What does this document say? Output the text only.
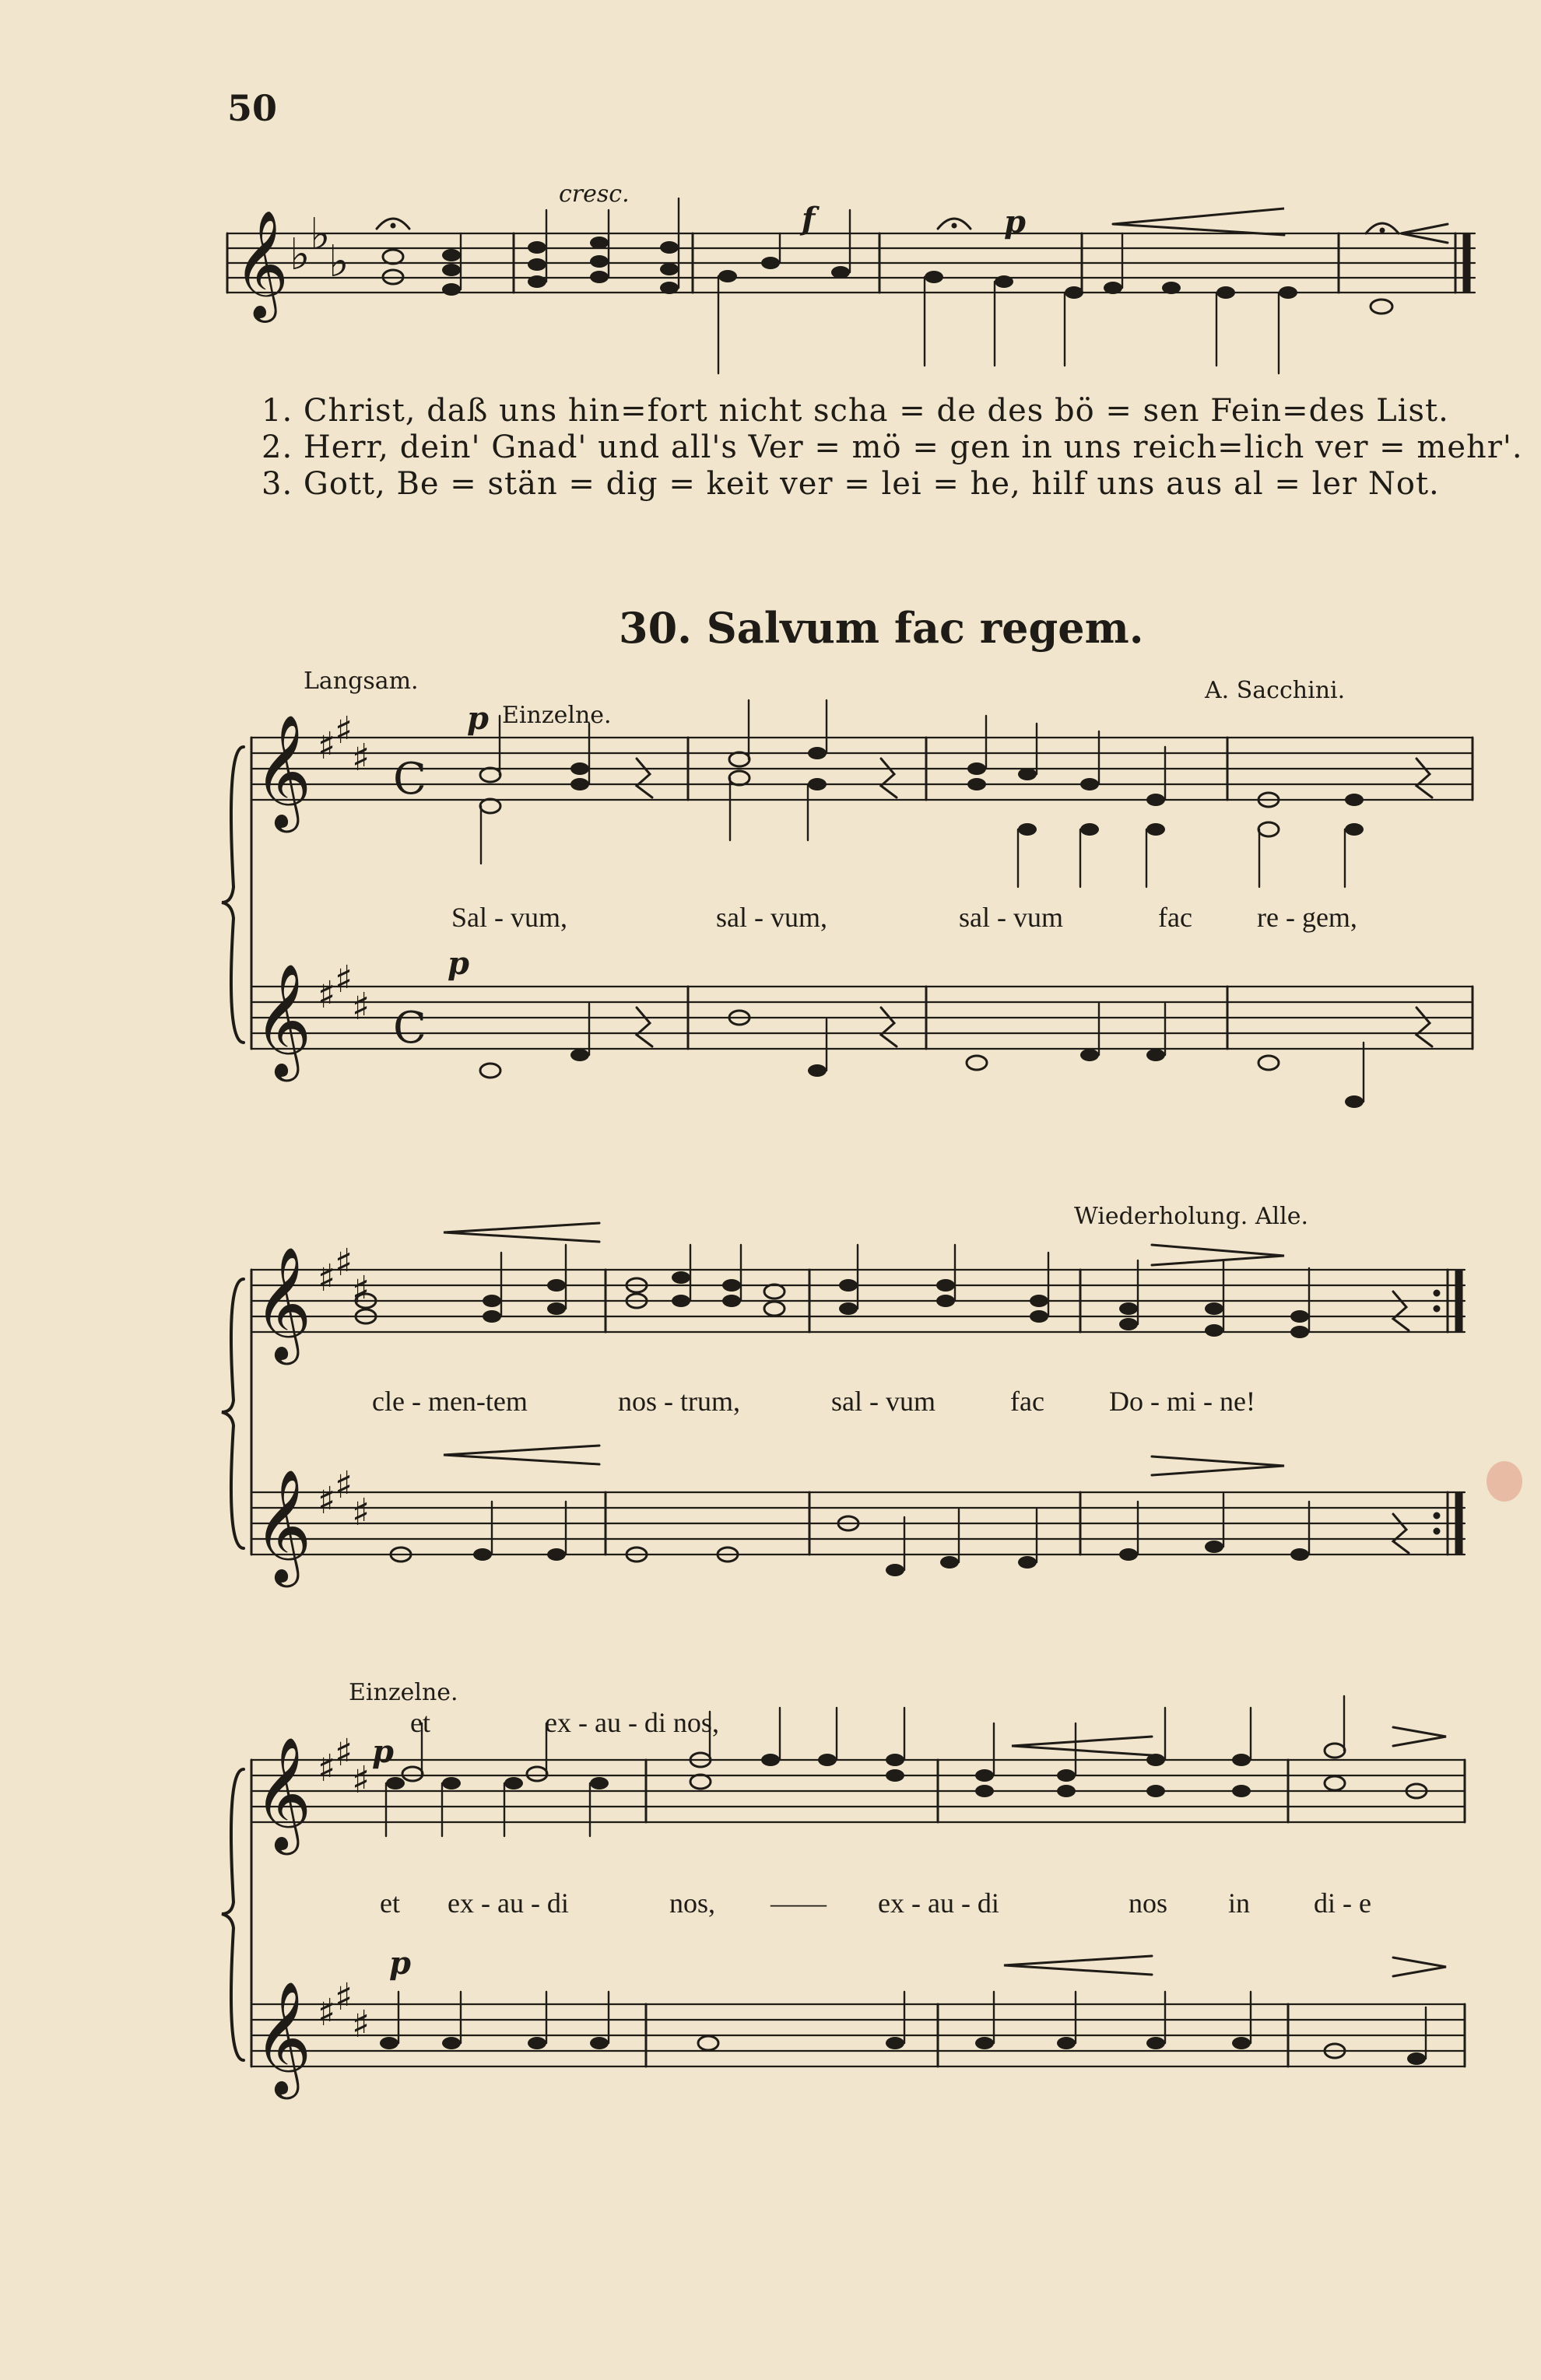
50
cresc.
f	p
𝄞 ♭ ♭
♭
𝄞
𝄞
♯
♯
♯
♯
♯
♯
C
C
𝄞
𝄞
♯
♯
♯
♯
♯
♯
𝄞
𝄞
♯
♯
♯
♯
♯
♯
1. Christ, daß uns hin=fort nicht scha = de des bö = sen Fein=des List.
2. Herr, dein' Gnad' und all's Ver = mö = gen in uns reich=lich ver = mehr'.
3. Gott, Be = stän = dig = keit ver = lei = he, hilf uns aus al = ler Not.
30. Salvum fac regem.
Langsam.	A. Sacchini.
p Einzelne.
p
Sal - vum,	sal - vum,	sal - vum	fac re - gem,
Wiederholung. Alle.
cle - men-tem	nos - trum,	sal - vum	fac Do - mi - ne!
Einzelne.
et	ex - au - di nos,
p
p
et ex - au - di	nos, —— ex - au - di	nos in di - e
